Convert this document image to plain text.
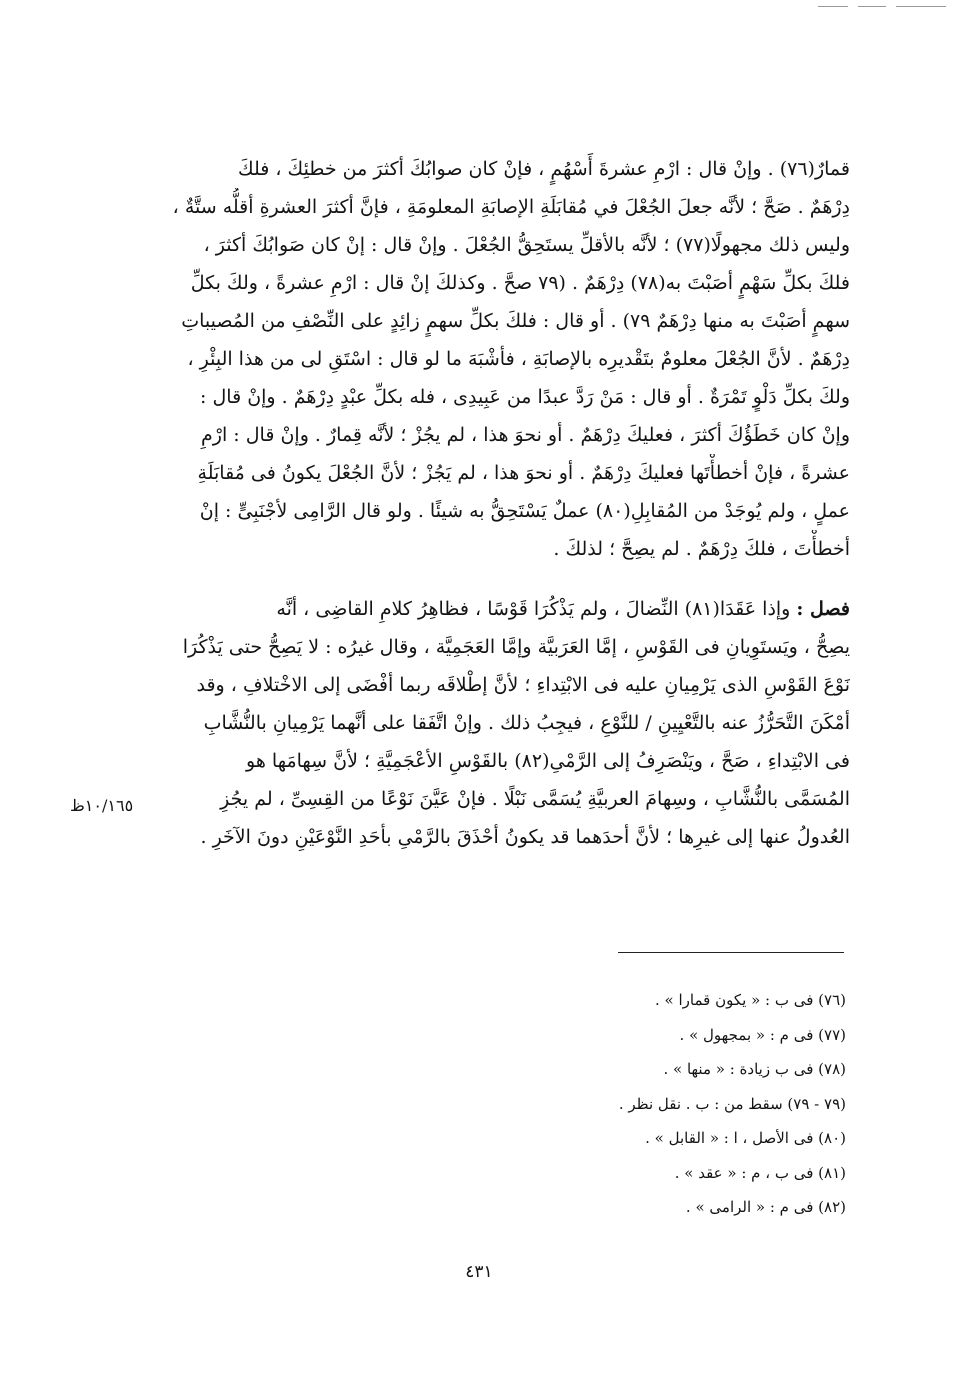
قمارٌ(٧٦) . وإنْ قال : ارْمِ عشرةَ أَسْهُمٍ ، فإنْ كان صوابُكَ أكثرَ من خطئِكَ ، فلكَ
دِرْهَمٌ . صَحَّ ؛ لأنَّه جعلَ الجُعْلَ في مُقابَلَةِ الإصابَةِ المعلومَةِ ، فإنَّ أكثرَ العشرةِ أقلُّه ستَّةٌ ،
وليس ذلك مجهولًا(٧٧) ؛ لأنَّه بالأقلِّ يستَحِقُّ الجُعْلَ . وإنْ قال : إنْ كان صَوابُكَ أكثرَ ،
فلكَ بكلِّ سَهْمٍ أصَبْتَ به(٧٨) دِرْهَمٌ . (٧٩ صحَّ . وكذلكَ إنْ قال : ارْمِ عشرةً ، ولكَ بكلِّ
سهمٍ أصَبْتَ به منها دِرْهَمٌ ٧٩) . أو قال : فلكَ بكلِّ سهمٍ زائِدٍ على النِّصْفِ من المُصيباتِ
دِرْهَمٌ . لأنَّ الجُعْلَ معلومٌ بتَقْديرِه بالإصابَةِ ، فأشْبَهَ ما لو قال : اسْتَقِ لى من هذا البِئْرِ ،
ولكَ بكلِّ دَلْوٍ تَمْرَةٌ . أو قال : مَنْ رَدَّ عبدًا من عَبِيدِى ، فله بكلِّ عبْدٍ دِرْهَمٌ . وإنْ قال :
وإنْ كان خَطَؤُكَ أكثرَ ، فعليكَ دِرْهَمٌ . أو نحوَ هذا ، لم يجُزْ ؛ لأنَّه قِمارٌ . وإنْ قال : ارْمِ
عشرةً ، فإنْ أخطأْتَها فعليكَ دِرْهَمٌ . أو نحوَ هذا ، لم يَجُزْ ؛ لأنَّ الجُعْلَ يكونُ فى مُقابَلَةِ
عملٍ ، ولم يُوجَدْ من المُقابِلِ(٨٠) عملٌ يَسْتَحِقُّ به شيئًا . ولو قال الرَّامِى لأجْنَبِىٍّ : إنْ
أخطأْتَ ، فلكَ دِرْهَمٌ . لم يصِحَّ ؛ لذلكَ .
فصل : وإذا عَقَدَا(٨١) النِّضالَ ، ولم يَذْكُرَا قَوْسًا ، فظاهِرُ كلامِ القاضِى ، أنَّه
يصِحُّ ، ويَستَوِيانِ فى القَوْسِ ، إمَّا العَرَبيَّة وإمَّا العَجَمِيَّة ، وقال غيرُه : لا يَصِحُّ حتى يَذْكُرَا
نَوْعَ القَوْسِ الذى يَرْمِيانِ عليه فى الابْتِداءِ ؛ لأنَّ إطْلاقَه ربما أفْضَى إلى الاخْتلافِ ، وقد
أمْكَنَ التَّحَرُّزُ عنه بالتَّعْيِينِ / للنَّوْعِ ، فيجِبُ ذلك . وإنْ اتَّفَقا على أنَّهما يَرْمِيانِ بالنُّشَّابِ
فى الابْتِداءِ ، صَحَّ ، ويَنْصَرِفُ إلى الرَّمْىِ(٨٢) بالقَوْسِ الأعْجَمِيَّةِ ؛ لأنَّ سِهامَها هو
المُسَمَّى بالنُّشَّابِ ، وسِهامَ العربيَّةِ يُسَمَّى نَبْلًا . فإنْ عَيَّنَ نَوْعًا من القِسِىِّ ، لم يجُزِ
العُدولُ عنها إلى غيرِها ؛ لأنَّ أحدَهما قد يكونُ أحْذَقَ بالرَّمْىِ بأحَدِ النَّوْعَيْنِ دونَ الآخَرِ .
١٠/١٦٥ظ
(٧٦) فى ب : « يكون قمارا » .
(٧٧) فى م : « بمجهول » .
(٧٨) فى ب زيادة : « منها » .
(٧٩ - ٧٩) سقط من : ب . نقل نظر .
(٨٠) فى الأصل ، ا : « القابل » .
(٨١) فى ب ، م : « عقد » .
(٨٢) فى م : « الرامى » .
٤٣١
